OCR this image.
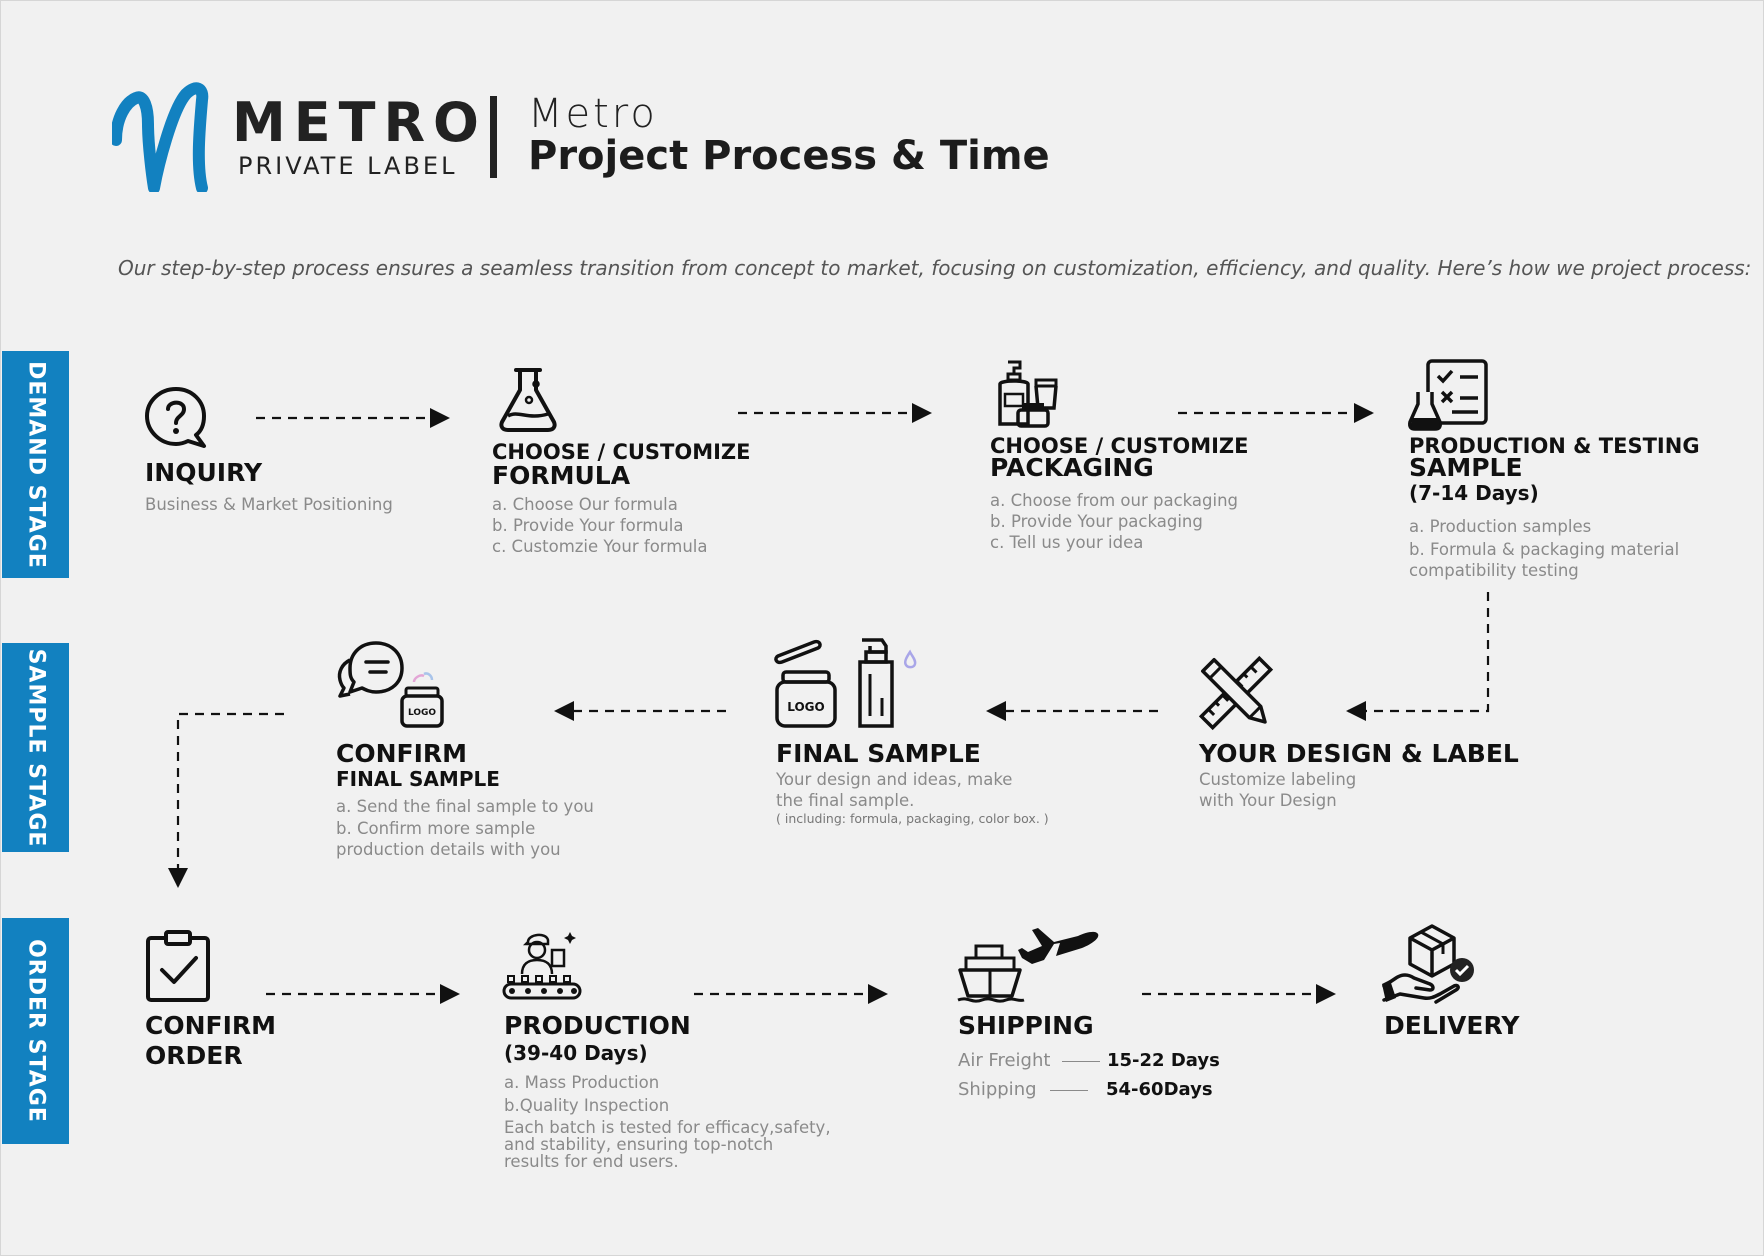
METRO
PRIVATE LABEL
Metro
Project Process & Time
Our step-by-step process ensures a seamless transition from concept to market, focusing on customization, efficiency, and quality. Here’s how we project process:
DEMAND STAGE
SAMPLE STAGE
ORDER STAGE
INQUIRY
Business & Market Positioning
CHOOSE / CUSTOMIZE
FORMULA
a. Choose Our formula
b. Provide Your formula
c. Customzie Your formula
CHOOSE / CUSTOMIZE
PACKAGING
a. Choose from our packaging
b. Provide Your packaging
c. Tell us your idea
PRODUCTION & TESTING
SAMPLE
(7-14 Days)
a. Production samples
b. Formula & packaging material
compatibility testing
YOUR DESIGN & LABEL
Customize labeling
with Your Design
LOGO
FINAL SAMPLE
Your design and ideas, make
the final sample.
( including: formula, packaging, color box. )
LOGO
CONFIRM
FINAL SAMPLE
a. Send the final sample to you
b. Confirm more sample
production details with you
CONFIRM
ORDER
PRODUCTION
(39-40 Days)
a. Mass Production
b.Quality Inspection
Each batch is tested for efficacy,safety,
and stability, ensuring top-notch
results for end users.
SHIPPING
Air Freight	15-22 Days
Shipping	54-60Days
DELIVERY
